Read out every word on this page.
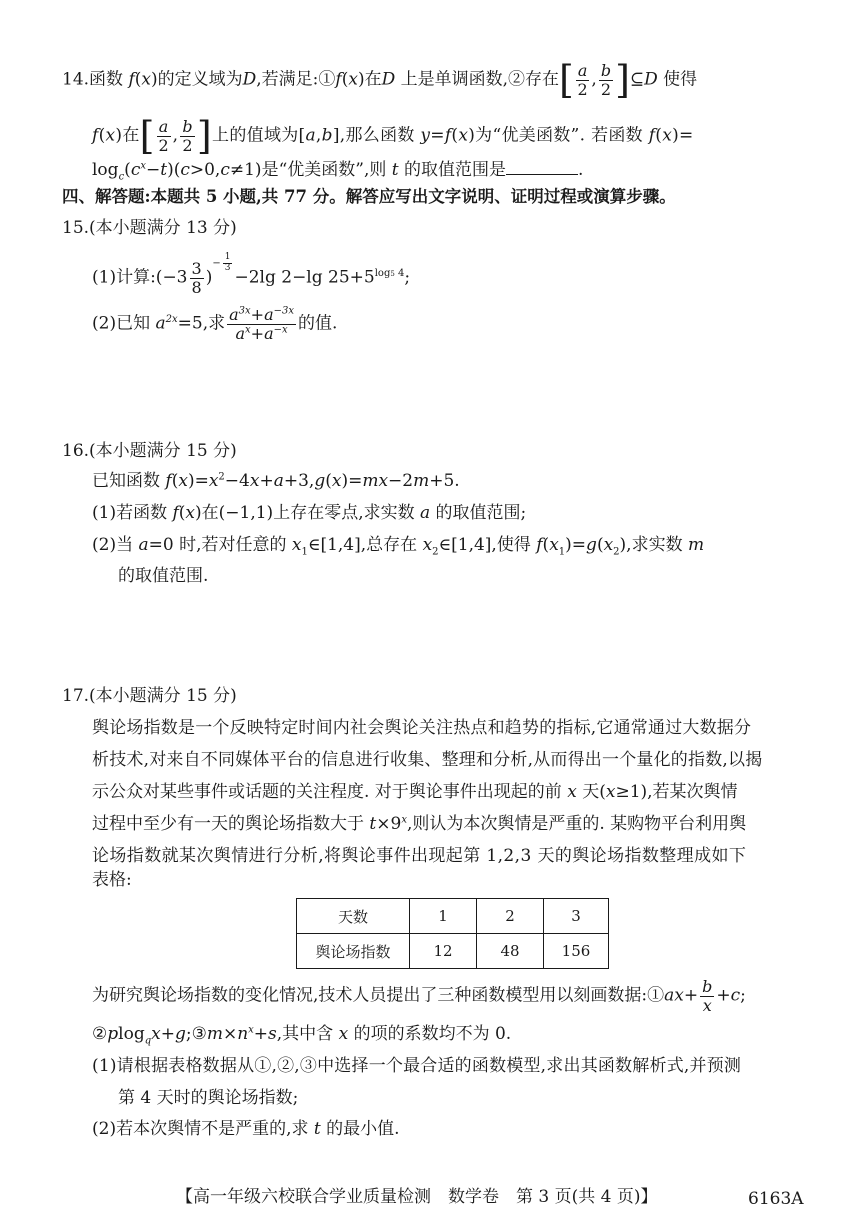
14.函数 f(x)的定义域为D,若满足:①f(x)在D 上是单调函数,②存在[ $\frac{a}{2}$ , $\frac{b}{2}$ ]⊆D 使得
f(x)在[ $\frac{a}{2}$ , $\frac{b}{2}$ ]上的值域为[a,b],那么函数 y=f(x)为“优美函数”. 若函数 f(x)=
$\log_c(c^x-t)(c>0,c\ne 1)$是“优美函数”,则 t 的取值范围是	.
四、解答题:本题共 5 小题,共 77 分。解答应写出文字说明、证明过程或演算步骤。
15.(本小题满分 13 分)
(1)计算:(−3 $\frac{3}{8} )^{- \frac{1}{3}}$
−2lg 2−lg $25+5^{log5 4}$;
(2)已知 $a^{2x}=5$,求 $\frac{a^{3x}+a^{-3x}}{a^x+a^{-x}}$ 的值.
16.(本小题满分 15 分)
已知函数 $f(x)=x^2-4x+a+3,g(x)=mx-2m+5$.
(1)若函数 f(x)在(−1,1)上存在零点,求实数 a 的取值范围;
(2)当 a=0 时,若对任意的 $x_1\in[1,4]$,总存在 $x_2\in[1,4]$,使得 $f(x_1)=g(x_2)$,求实数 m
的取值范围.
17.(本小题满分 15 分)
舆论场指数是一个反映特定时间内社会舆论关注热点和趋势的指标,它通常通过大数据分
析技术,对来自不同媒体平台的信息进行收集、整理和分析,从而得出一个量化的指数,以揭
示公众对某些事件或话题的关注程度. 对于舆论事件出现起的前 x 天(x≥1),若某次舆情
过程中至少有一天的舆论场指数大于 $t\times 9^x$,则认为本次舆情是严重的. 某购物平台利用舆
论场指数就某次舆情进行分析,将舆论事件出现起第 1,2,3 天的舆论场指数整理成如下
表格:
天数	1	2	3
舆论场指数	12	48	156
为研究舆论场指数的变化情况,技术人员提出了三种函数模型用以刻画数据:①ax+ $\frac{b}{x} +c$;
$②plog_qx+g;③m\times n^x+s$,其中含 x 的项的系数均不为 0.
(1)请根据表格数据从①,②,③中选择一个最合适的函数模型,求出其函数解析式,并预测
第 4 天时的舆论场指数;
(2)若本次舆情不是严重的,求 t 的最小值.
【高一年级六校联合学业质量检测　数学卷　第 3 页(共 4 页)】	6163A
